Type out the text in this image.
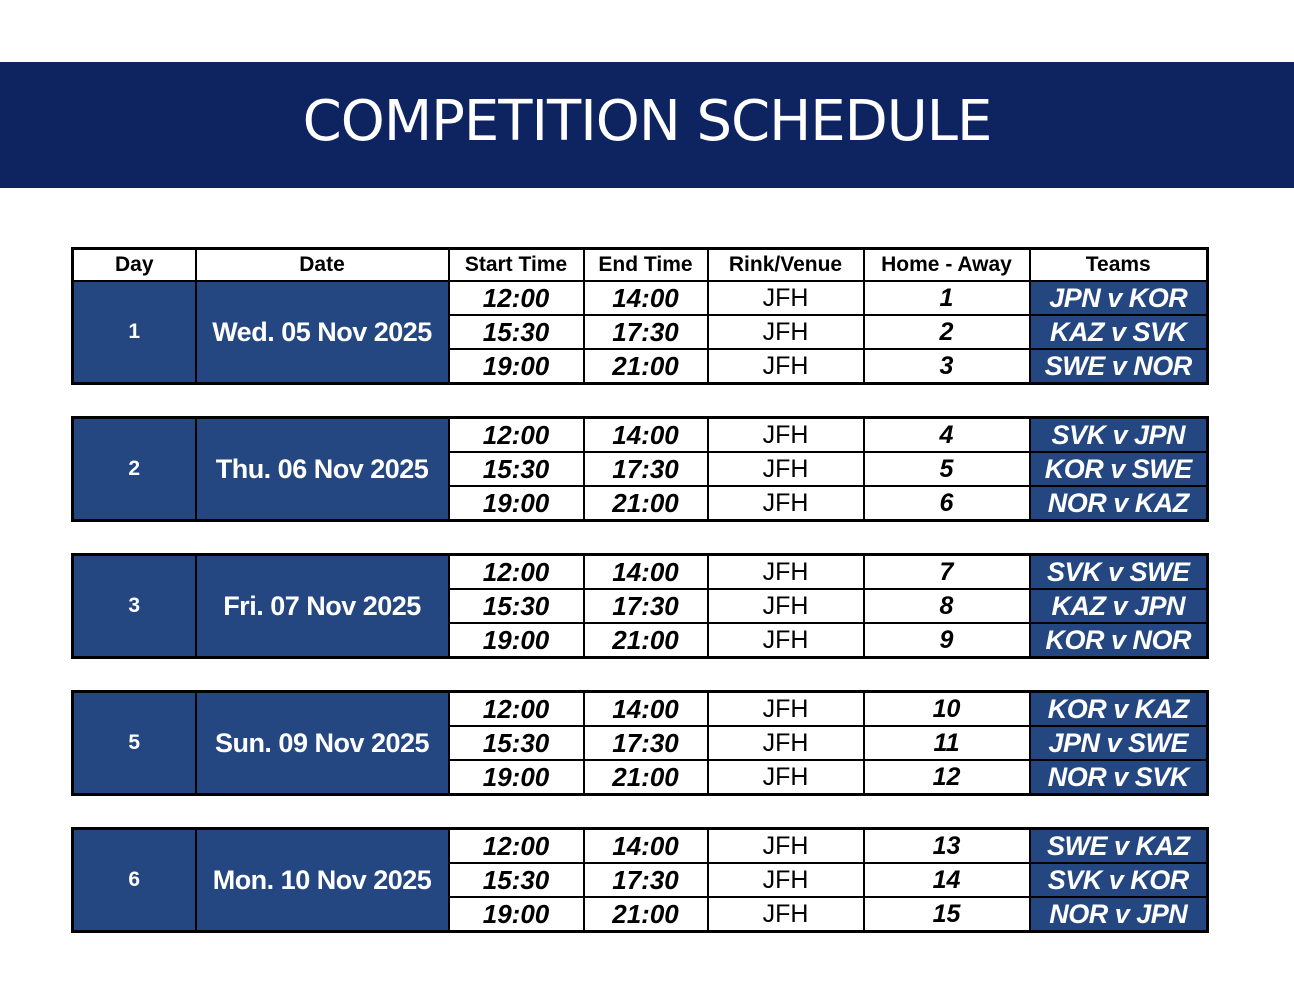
COMPETITION SCHEDULE
Day	Date	Start Time	End Time	Rink/Venue	Home - Away	Teams
1	Wed. 05 Nov 2025	12:00	14:00	JFH	1	JPN v KOR
		15:30	17:30	JFH	2	KAZ v SVK
		19:00	21:00	JFH	3	SWE v NOR
2	Thu. 06 Nov 2025	12:00	14:00	JFH	4	SVK v JPN
		15:30	17:30	JFH	5	KOR v SWE
		19:00	21:00	JFH	6	NOR v KAZ
3	Fri. 07 Nov 2025	12:00	14:00	JFH	7	SVK v SWE
		15:30	17:30	JFH	8	KAZ v JPN
		19:00	21:00	JFH	9	KOR v NOR
5	Sun. 09 Nov 2025	12:00	14:00	JFH	10	KOR v KAZ
		15:30	17:30	JFH	11	JPN v SWE
		19:00	21:00	JFH	12	NOR v SVK
6	Mon. 10 Nov 2025	12:00	14:00	JFH	13	SWE v KAZ
		15:30	17:30	JFH	14	SVK v KOR
		19:00	21:00	JFH	15	NOR v JPN
